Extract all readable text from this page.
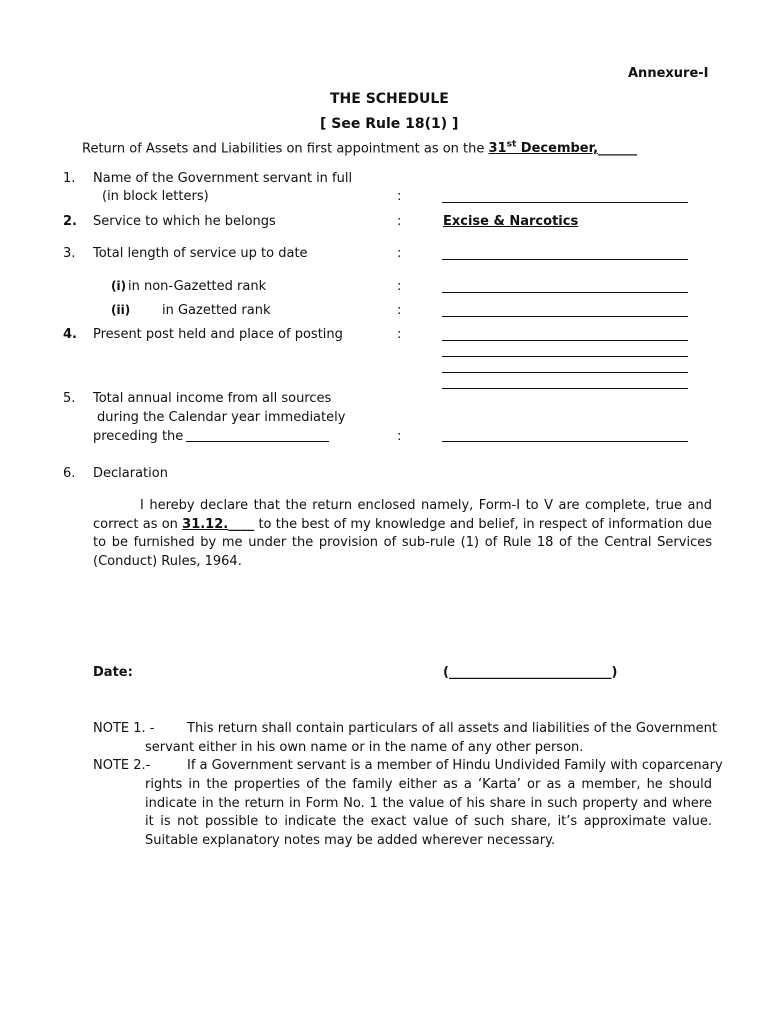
Annexure-I
THE SCHEDULE
[ See Rule 18(1) ]
Return of Assets and Liabilities on first appointment as on the 31st December,______
1. Name of the Government servant in full
(in block letters)	:
2. Service to which he belongs	:	Excise & Narcotics
3. Total length of service up to date	:
(i) in non-Gazetted rank	:
(ii) in Gazetted rank	:
4. Present post held and place of posting	:
5. Total annual income from all sources
during the Calendar year immediately
preceding the	:
6. Declaration
I hereby declare that the return enclosed namely, Form-I to V are complete, true and correct as on 31.12.____ to the best of my knowledge and belief, in respect of information due to be furnished by me under the provision of sub-rule (1) of Rule 18 of the Central Services (Conduct) Rules, 1964.
Date:	(_________________________)
NOTE 1. -	This return shall contain particulars of all assets and liabilities of the Government
servant either in his own name or in the name of any other person.
NOTE 2.-	If a Government servant is a member of Hindu Undivided Family with coparcenary
rights in the properties of the family either as a ‘Karta’ or as a member, he should indicate in the return in Form No. 1 the value of his share in such property and where it is not possible to indicate the exact value of such share, it’s approximate value. Suitable explanatory notes may be added wherever necessary.
